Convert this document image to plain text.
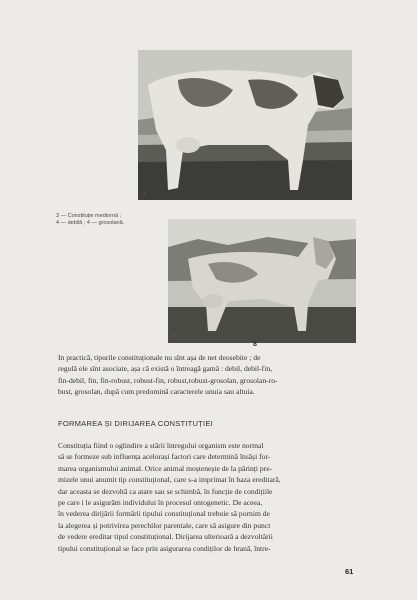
3
3 — Constituție mediornă ;
4 — debilă ; 4 — grosolană.
4
8
In practică, tipurile constituționale nu sînt așa de net deosebite ; de
regulă ele sînt asociate, așa că există o întreagă gamă : debil, debil-fin,
fin-debil, fin, fin-robust, robust-fin, robust,robust-grosolan, grosolan-ro-
bust, grosolan, după cum predomină caracterele unuia sau altuia.
FORMAREA ȘI DIRIJAREA CONSTITUȚIEI
Constituția fiind o oglindire a stării întregului organism este normal
să se formeze sub influența acelorași factori care determină însăși for-
marea organismului animal. Orice animal moștenește de la părinți pre-
mizele unui anumit tip constituțional, care s-a imprimat în baza ereditară,
dar aceasta se dezvoltă ca atare sau se schimbă, în funcție de condițiile
pe care i le asigurăm individului în procesul ontogenetic. De aceea,
în vederea dirijării formării tipului constituțional trebuie să pornim de
la alegerea și potrivirea perechilor parentale, care să asigure din punct
de vedere ereditar tipul constituțional. Dirijarea ulterioară a dezvoltării
tipului constituțional se face prin asigurarea condiților de hrană, între-
61
